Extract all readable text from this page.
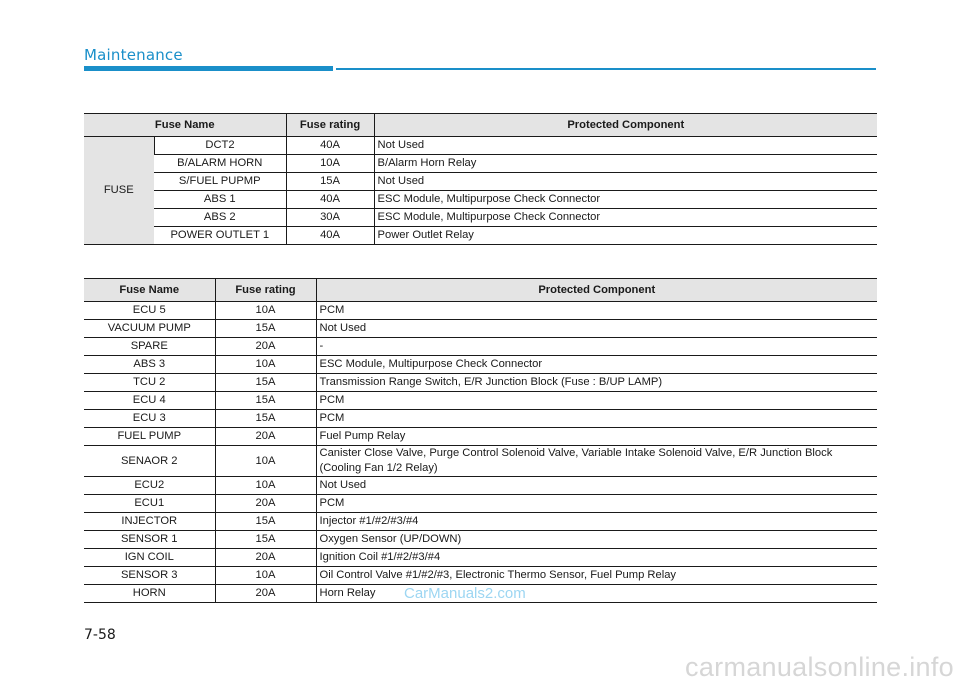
Maintenance
Fuse Name		Fuse rating	Protected Component
FUSE	DCT2	40A	Not Used
	B/ALARM HORN	10A	B/Alarm Horn Relay
	S/FUEL PUPMP	15A	Not Used
	ABS 1	40A	ESC Module, Multipurpose Check Connector
	ABS 2	30A	ESC Module, Multipurpose Check Connector
	POWER OUTLET 1	40A	Power Outlet Relay
Fuse Name	Fuse rating	Protected Component
ECU 5	10A	PCM
VACUUM PUMP	15A	Not Used
SPARE	20A	-
ABS 3	10A	ESC Module, Multipurpose Check Connector
TCU 2	15A	Transmission Range Switch, E/R Junction Block (Fuse : B/UP LAMP)
ECU 4	15A	PCM
ECU 3	15A	PCM
FUEL PUMP	20A	Fuel Pump Relay
SENAOR 2	10A	Canister Close Valve, Purge Control Solenoid Valve, Variable Intake Solenoid Valve, E/R Junction Block (Cooling Fan 1/2 Relay)
ECU2	10A	Not Used
ECU1	20A	PCM
INJECTOR	15A	Injector #1/#2/#3/#4
SENSOR 1	15A	Oxygen Sensor (UP/DOWN)
IGN COIL	20A	Ignition Coil #1/#2/#3/#4
SENSOR 3	10A	Oil Control Valve #1/#2/#3, Electronic Thermo Sensor, Fuel Pump Relay
HORN	20A	Horn Relay CarManuals2.com
7-58
carmanualsonline.info
